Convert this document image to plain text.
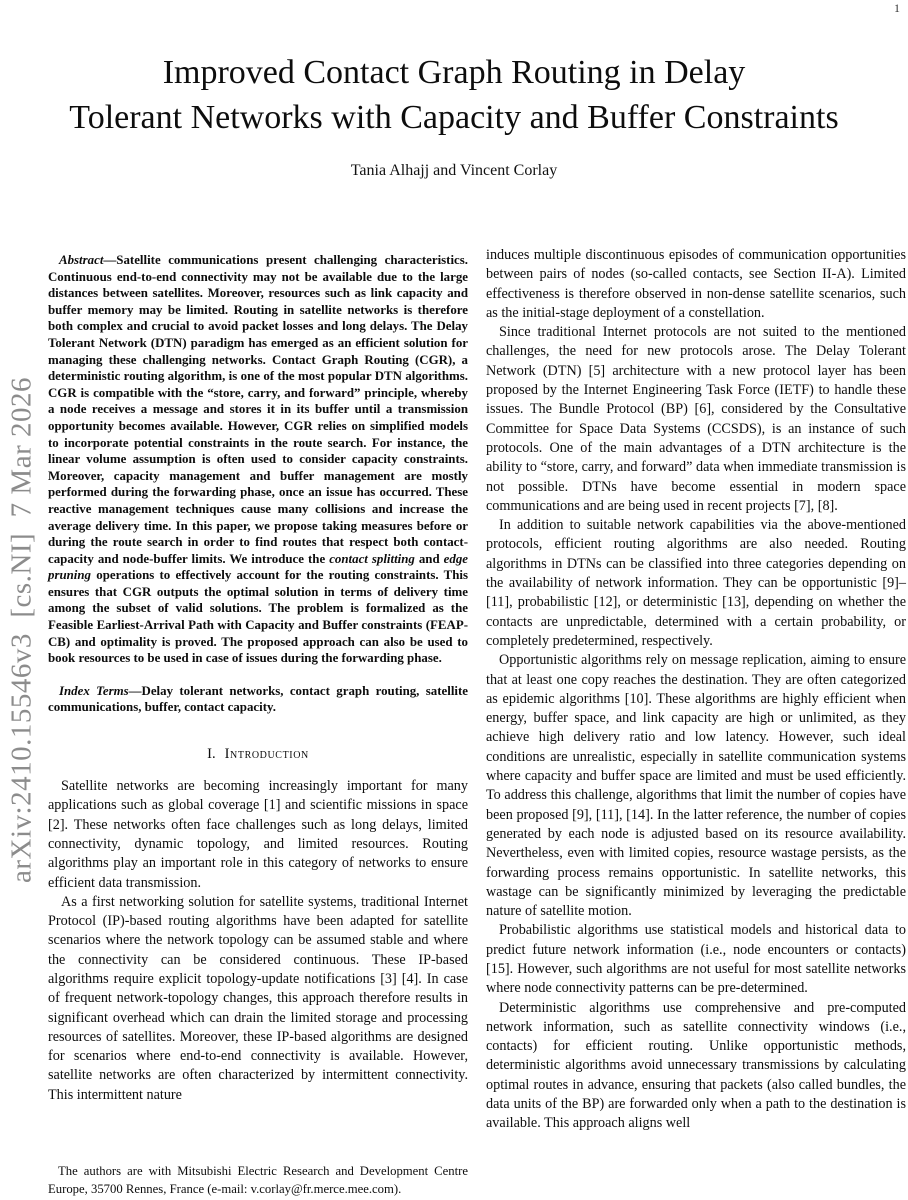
1
arXiv:2410.15546v3  [cs.NI]  7 Mar 2026
Improved Contact Graph Routing in Delay
Tolerant Networks with Capacity and Buffer Constraints
Tania Alhajj and Vincent Corlay

Abstract—Satellite communications present challenging characteristics. Continuous end-to-end connectivity may not be available due to the large distances between satellites. Moreover, resources such as link capacity and buffer memory may be limited. Routing in satellite networks is therefore both complex and crucial to avoid packet losses and long delays. The Delay Tolerant Network (DTN) paradigm has emerged as an efficient solution for managing these challenging networks. Contact Graph Routing (CGR), a deterministic routing algorithm, is one of the most popular DTN algorithms. CGR is compatible with the “store, carry, and forward” principle, whereby a node receives a message and stores it in its buffer until a transmission opportunity becomes available. However, CGR relies on simplified models to incorporate potential constraints in the route search. For instance, the linear volume assumption is often used to consider capacity constraints. Moreover, capacity management and buffer management are mostly performed during the forwarding phase, once an issue has occurred. These reactive management techniques cause many collisions and increase the average delivery time. In this paper, we propose taking measures before or during the route search in order to find routes that respect both contact-capacity and node-buffer limits. We introduce the contact splitting and edge pruning operations to effectively account for the routing constraints. This ensures that CGR outputs the optimal solution in terms of delivery time among the subset of valid solutions. The problem is formalized as the Feasible Earliest-Arrival Path with Capacity and Buffer constraints (FEAP-CB) and optimality is proved. The proposed approach can also be used to book resources to be used in case of issues during the forwarding phase.

Index Terms—Delay tolerant networks, contact graph routing, satellite communications, buffer, contact capacity.

I. Introduction

Satellite networks are becoming increasingly important for many applications such as global coverage [1] and scientific missions in space [2]. These networks often face challenges such as long delays, limited connectivity, dynamic topology, and limited resources. Routing algorithms play an important role in this category of networks to ensure efficient data transmission.

As a first networking solution for satellite systems, traditional Internet Protocol (IP)-based routing algorithms have been adapted for satellite scenarios where the network topology can be assumed stable and where the connectivity can be considered continuous. These IP-based algorithms require explicit topology-update notifications [3] [4]. In case of frequent network-topology changes, this approach therefore results in significant overhead which can drain the limited storage and processing resources of satellites. Moreover, these IP-based algorithms are designed for scenarios where end-to-end connectivity is available. However, satellite networks are often characterized by intermittent connectivity. This intermittent nature

The authors are with Mitsubishi Electric Research and Development Centre Europe, 35700 Rennes, France (e-mail: v.corlay@fr.merce.mee.com).

induces multiple discontinuous episodes of communication opportunities between pairs of nodes (so-called contacts, see Section II-A). Limited effectiveness is therefore observed in non-dense satellite scenarios, such as the initial-stage deployment of a constellation.

Since traditional Internet protocols are not suited to the mentioned challenges, the need for new protocols arose. The Delay Tolerant Network (DTN) [5] architecture with a new protocol layer has been proposed by the Internet Engineering Task Force (IETF) to handle these issues. The Bundle Protocol (BP) [6], considered by the Consultative Committee for Space Data Systems (CCSDS), is an instance of such protocols. One of the main advantages of a DTN architecture is the ability to “store, carry, and forward” data when immediate transmission is not possible. DTNs have become essential in modern space communications and are being used in recent projects [7], [8].

In addition to suitable network capabilities via the above-mentioned protocols, efficient routing algorithms are also needed. Routing algorithms in DTNs can be classified into three categories depending on the availability of network information. They can be opportunistic [9]–[11], probabilistic [12], or deterministic [13], depending on whether the contacts are unpredictable, determined with a certain probability, or completely predetermined, respectively.

Opportunistic algorithms rely on message replication, aiming to ensure that at least one copy reaches the destination. They are often categorized as epidemic algorithms [10]. These algorithms are highly efficient when energy, buffer space, and link capacity are high or unlimited, as they achieve high delivery ratio and low latency. However, such ideal conditions are unrealistic, especially in satellite communication systems where capacity and buffer space are limited and must be used efficiently. To address this challenge, algorithms that limit the number of copies have been proposed [9], [11], [14]. In the latter reference, the number of copies generated by each node is adjusted based on its resource availability. Nevertheless, even with limited copies, resource wastage persists, as the forwarding process remains opportunistic. In satellite networks, this wastage can be significantly minimized by leveraging the predictable nature of satellite motion.

Probabilistic algorithms use statistical models and historical data to predict future network information (i.e., node encounters or contacts) [15]. However, such algorithms are not useful for most satellite networks where node connectivity patterns can be pre-determined.

Deterministic algorithms use comprehensive and pre-computed network information, such as satellite connectivity windows (i.e., contacts) for efficient routing. Unlike opportunistic methods, deterministic algorithms avoid unnecessary transmissions by calculating optimal routes in advance, ensuring that packets (also called bundles, the data units of the BP) are forwarded only when a path to the destination is available. This approach aligns well
